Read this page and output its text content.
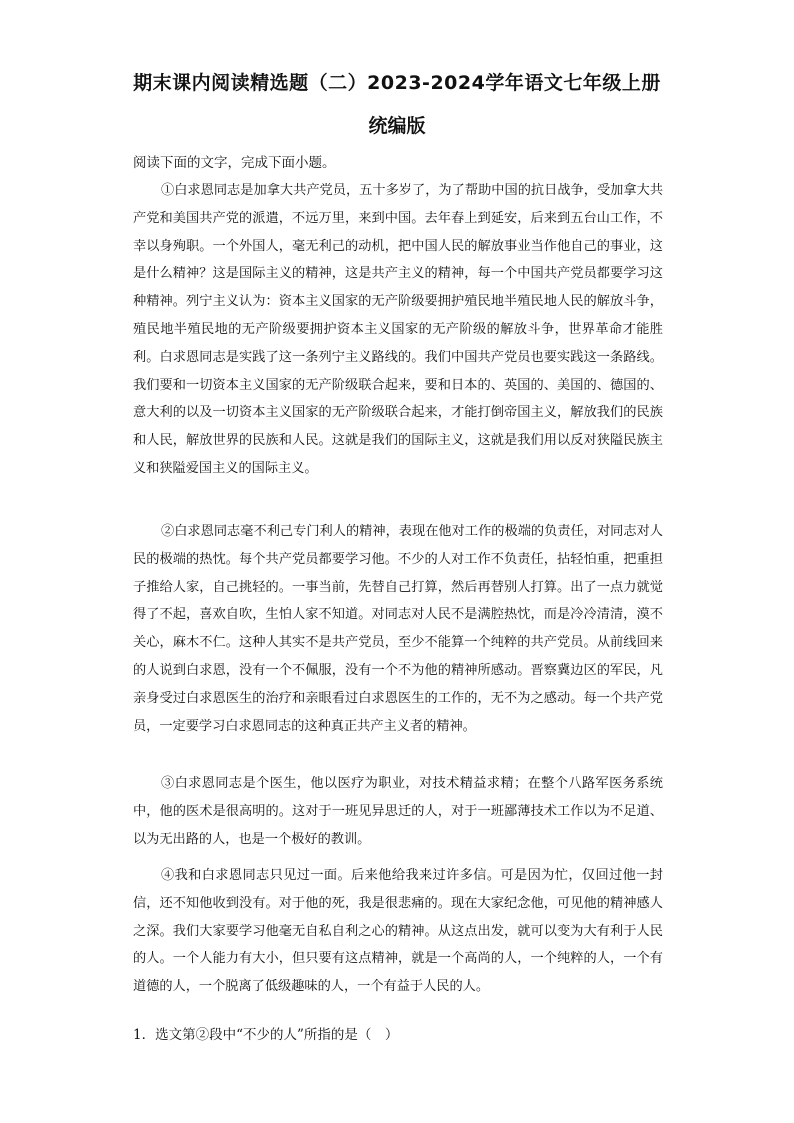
期末课内阅读精选题（二）2023-2024学年语文七年级上册
统编版
阅读下面的文字，完成下面小题。

①白求恩同志是加拿大共产党员，五十多岁了，为了帮助中国的抗日战争，受加拿大共产党和美国共产党的派遣，不远万里，来到中国。去年春上到延安，后来到五台山工作，不幸以身殉职。一个外国人，毫无利己的动机，把中国人民的解放事业当作他自己的事业，这是什么精神？这是国际主义的精神，这是共产主义的精神，每一个中国共产党员都要学习这种精神。列宁主义认为：资本主义国家的无产阶级要拥护殖民地半殖民地人民的解放斗争，殖民地半殖民地的无产阶级要拥护资本主义国家的无产阶级的解放斗争，世界革命才能胜利。白求恩同志是实践了这一条列宁主义路线的。我们中国共产党员也要实践这一条路线。我们要和一切资本主义国家的无产阶级联合起来，要和日本的、英国的、美国的、德国的、意大利的以及一切资本主义国家的无产阶级联合起来，才能打倒帝国主义，解放我们的民族和人民，解放世界的民族和人民。这就是我们的国际主义，这就是我们用以反对狭隘民族主义和狭隘爱国主义的国际主义。

②白求恩同志毫不利己专门利人的精神，表现在他对工作的极端的负责任，对同志对人民的极端的热忱。每个共产党员都要学习他。不少的人对工作不负责任，拈轻怕重，把重担子推给人家，自己挑轻的。一事当前，先替自己打算，然后再替别人打算。出了一点力就觉得了不起，喜欢自吹，生怕人家不知道。对同志对人民不是满腔热忱，而是冷冷清清，漠不关心，麻木不仁。这种人其实不是共产党员，至少不能算一个纯粹的共产党员。从前线回来的人说到白求恩，没有一个不佩服，没有一个不为他的精神所感动。晋察冀边区的军民，凡亲身受过白求恩医生的治疗和亲眼看过白求恩医生的工作的，无不为之感动。每一个共产党员，一定要学习白求恩同志的这种真正共产主义者的精神。

③白求恩同志是个医生，他以医疗为职业，对技术精益求精；在整个八路军医务系统中，他的医术是很高明的。这对于一班见异思迁的人，对于一班鄙薄技术工作以为不足道、以为无出路的人，也是一个极好的教训。

④我和白求恩同志只见过一面。后来他给我来过许多信。可是因为忙，仅回过他一封信，还不知他收到没有。对于他的死，我是很悲痛的。现在大家纪念他，可见他的精神感人之深。我们大家要学习他毫无自私自利之心的精神。从这点出发，就可以变为大有利于人民的人。一个人能力有大小，但只要有这点精神，就是一个高尚的人，一个纯粹的人，一个有道德的人，一个脱离了低级趣味的人，一个有益于人民的人。

1．选文第②段中“不少的人”所指的是（　）
